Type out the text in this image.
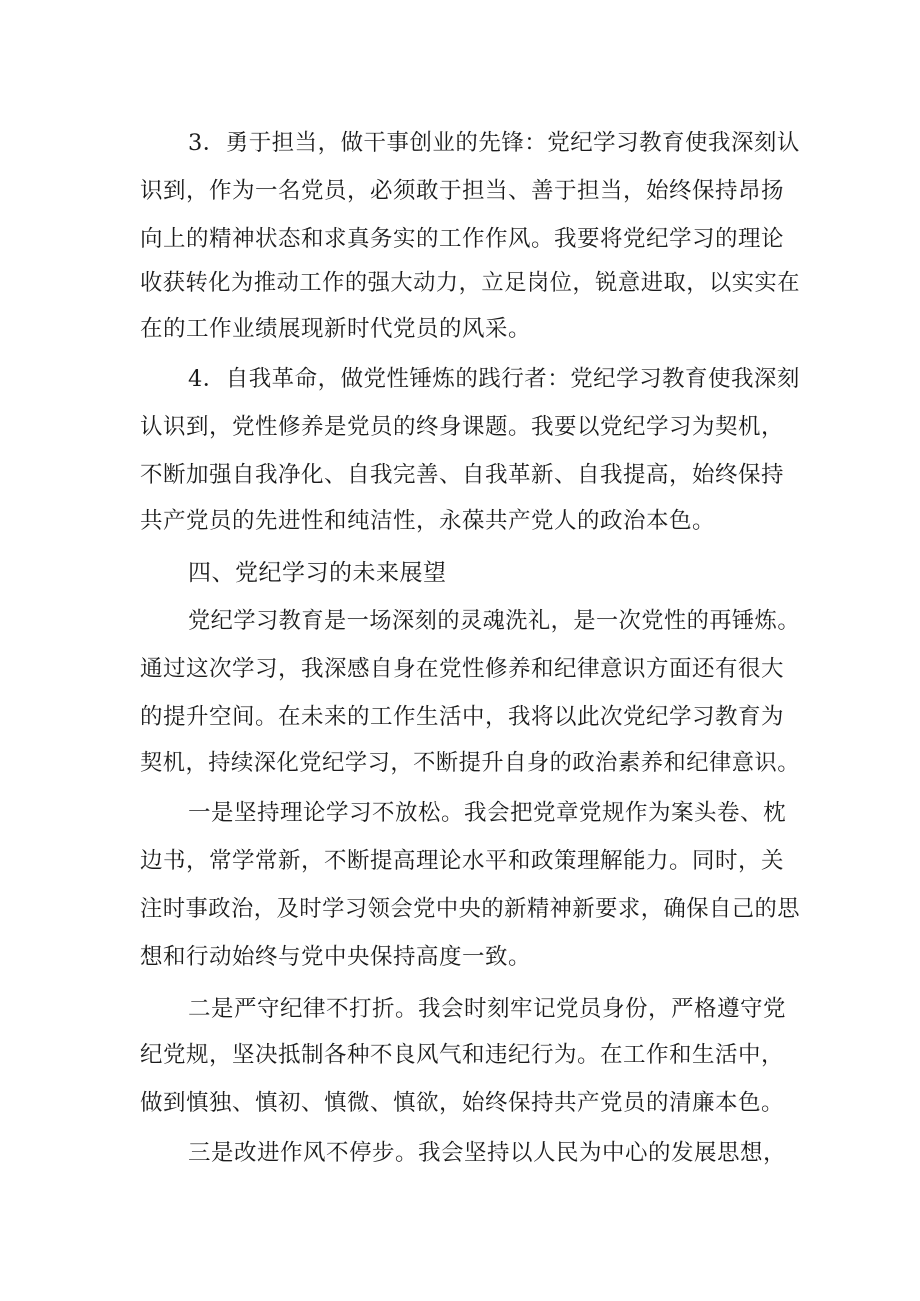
3．勇于担当，做干事创业的先锋：党纪学习教育使我深刻认
识到，作为一名党员，必须敢于担当、善于担当，始终保持昂扬
向上的精神状态和求真务实的工作作风。我要将党纪学习的理论
收获转化为推动工作的强大动力，立足岗位，锐意进取，以实实在
在的工作业绩展现新时代党员的风采。
4．自我革命，做党性锤炼的践行者：党纪学习教育使我深刻
认识到，党性修养是党员的终身课题。我要以党纪学习为契机，
不断加强自我净化、自我完善、自我革新、自我提高，始终保持
共产党员的先进性和纯洁性，永葆共产党人的政治本色。
四、党纪学习的未来展望
党纪学习教育是一场深刻的灵魂洗礼，是一次党性的再锤炼。
通过这次学习，我深感自身在党性修养和纪律意识方面还有很大
的提升空间。在未来的工作生活中，我将以此次党纪学习教育为
契机，持续深化党纪学习，不断提升自身的政治素养和纪律意识。
一是坚持理论学习不放松。我会把党章党规作为案头卷、枕
边书，常学常新，不断提高理论水平和政策理解能力。同时，关
注时事政治，及时学习领会党中央的新精神新要求，确保自己的思
想和行动始终与党中央保持高度一致。
二是严守纪律不打折。我会时刻牢记党员身份，严格遵守党
纪党规，坚决抵制各种不良风气和违纪行为。在工作和生活中，
做到慎独、慎初、慎微、慎欲，始终保持共产党员的清廉本色。
三是改进作风不停步。我会坚持以人民为中心的发展思想，
